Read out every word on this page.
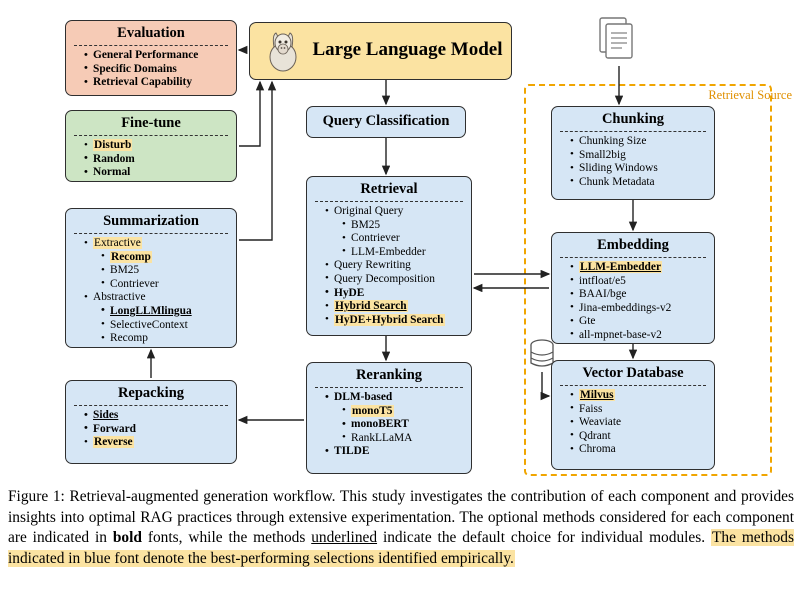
Retrieval Source
Evaluation
• General Performance
• Specific Domains
• Retrieval Capability
Fine-tune
• Disturb
• Random
• Normal
Summarization
• Extractive
• Recomp
• BM25
• Contriever
• Abstractive
• LongLLMlingua
• SelectiveContext
• Recomp
Repacking
• Sides
• Forward
• Reverse
Large Language Model
Query Classification
Retrieval
• Original Query
• BM25
• Contriever
• LLM-Embedder
• Query Rewriting
• Query Decomposition
• HyDE
• Hybrid Search
• HyDE+Hybrid Search
Reranking
• DLM-based
• monoT5
• monoBERT
• RankLLaMA
• TILDE
Chunking
• Chunking Size
• Small2big
• Sliding Windows
• Chunk Metadata
Embedding
• LLM-Embedder
• intfloat/e5
• BAAI/bge
• Jina-embeddings-v2
• Gte
• all-mpnet-base-v2
Vector Database
• Milvus
• Faiss
• Weaviate
• Qdrant
• Chroma
Figure 1: Retrieval-augmented generation workflow. This study investigates the contribution of each component and provides insights into optimal RAG practices through extensive experimentation. The optional methods considered for each component are indicated in bold fonts, while the methods underlined indicate the default choice for individual modules. The methods indicated in blue font denote the best-performing selections identified empirically.
